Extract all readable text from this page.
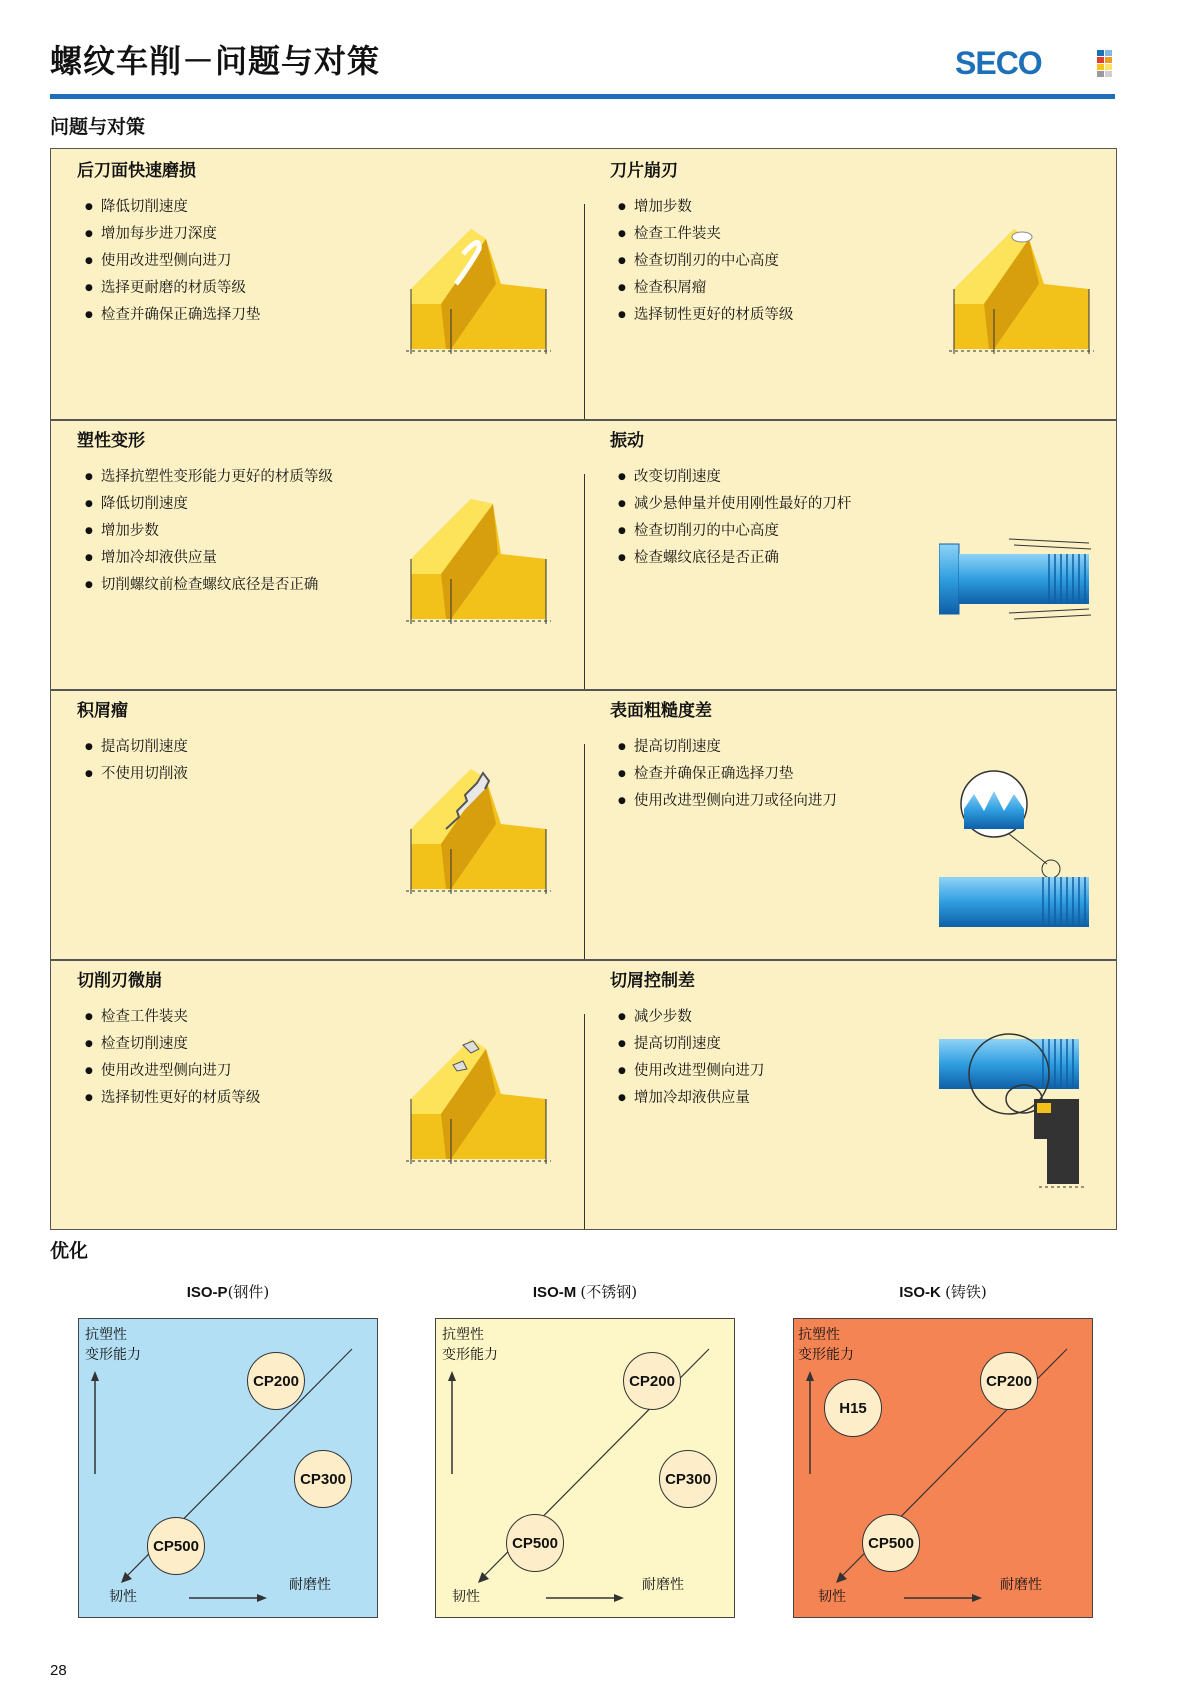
螺纹车削－问题与对策	SECO
问题与对策
后刀面快速磨损
● 降低切削速度
● 增加每步进刀深度
● 使用改进型侧向进刀
● 选择更耐磨的材质等级
● 检查并确保正确选择刀垫
刀片崩刃
● 增加步数
● 检查工件装夹
● 检查切削刃的中心高度
● 检查积屑瘤
● 选择韧性更好的材质等级
塑性变形
● 选择抗塑性变形能力更好的材质等级
● 降低切削速度
● 增加步数
● 增加冷却液供应量
● 切削螺纹前检查螺纹底径是否正确
振动
● 改变切削速度
● 减少悬伸量并使用刚性最好的刀杆
● 检查切削刃的中心高度
● 检查螺纹底径是否正确
积屑瘤
● 提高切削速度
● 不使用切削液
表面粗糙度差
● 提高切削速度
● 检查并确保正确选择刀垫
● 使用改进型侧向进刀或径向进刀
切削刃微崩
● 检查工件装夹
● 检查切削速度
● 使用改进型侧向进刀
● 选择韧性更好的材质等级
切屑控制差
● 减少步数
● 提高切削速度
● 使用改进型侧向进刀
● 增加冷却液供应量
优化
ISO-P(钢件)	ISO-M (不锈钢)	ISO-K (铸铁)
抗塑性
变形能力
韧性
耐磨性
CP200
CP300
CP500
抗塑性
变形能力
韧性
耐磨性
CP200
CP300
CP500
抗塑性
变形能力
韧性
耐磨性
H15
CP200
CP500
28
